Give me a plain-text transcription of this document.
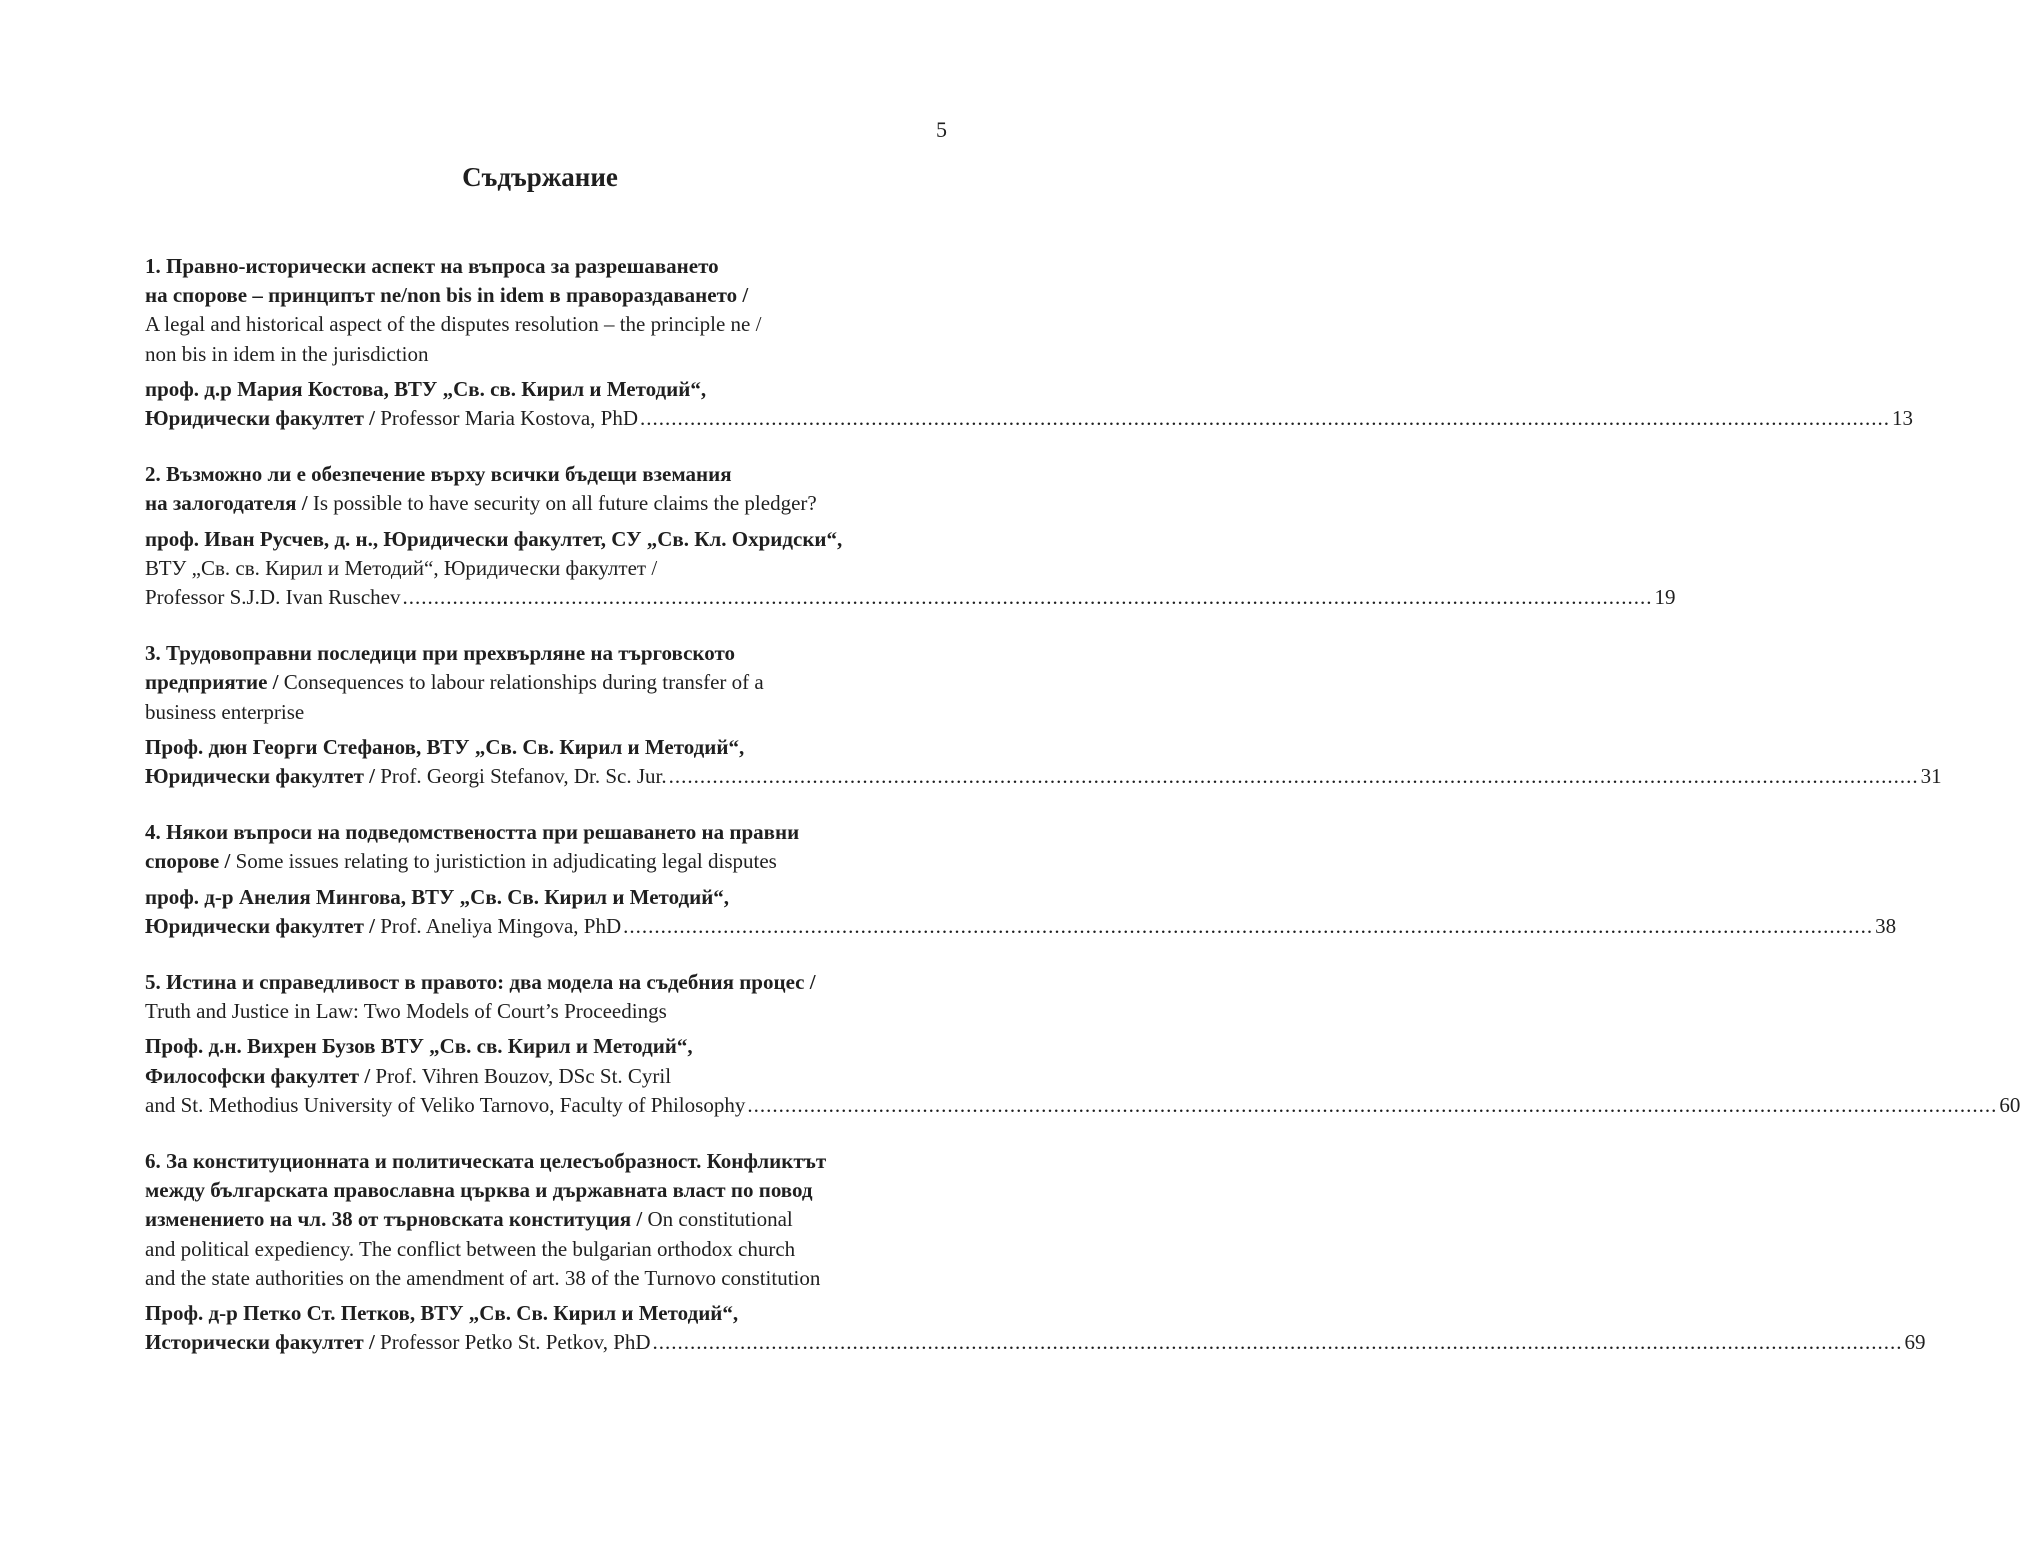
5
Съдържание
1. Правно-исторически аспект на въпроса за разрешаването
на спорове – принципът ne/non bis in idem в правораздаването /
A legal and historical aspect of the disputes resolution – the principle ne /
non bis in idem in the jurisdiction
проф. д.р Мария Костова, ВТУ „Св. св. Кирил и Методий“,
Юридически факултет / Professor Maria Kostova, PhD ........................................................................................................................................................................................................ 13
2. Възможно ли е обезпечение върху всички бъдещи вземания
на залогодателя / Is possible to have security on all future claims the pledger?
проф. Иван Русчев, д. н., Юридически факултет, СУ „Св. Кл. Охридски“,
ВТУ „Св. св. Кирил и Методий“, Юридически факултет /
Professor S.J.D. Ivan Ruschev ........................................................................................................................................................................................................ 19
3. Трудовоправни последици при прехвърляне на търговското
предприятие / Consequences to labour relationships during transfer of a
business enterprise
Проф. дюн Георги Стефанов, ВТУ „Св. Св. Кирил и Методий“,
Юридически факултет / Prof. Georgi Stefanov, Dr. Sc. Jur. ........................................................................................................................................................................................................ 31
4. Някои въпроси на подведомствеността при решаването на правни
спорове / Some issues relating to juristiction in adjudicating legal disputes
проф. д-р Анелия Мингова, ВТУ „Св. Св. Кирил и Методий“,
Юридически факултет / Prof. Aneliya Mingova, PhD ........................................................................................................................................................................................................ 38
5. Истина и справедливост в правото: два модела на съдебния процес /
Truth and Justice in Law: Two Models of Court’s Proceedings
Проф. д.н. Вихрен Бузов ВТУ „Св. св. Кирил и Методий“,
Философски факултет / Prof. Vihren Bouzov, DSc St. Cyril
and St. Methodius University of Veliko Tarnovo, Faculty of Philosophy ........................................................................................................................................................................................................ 60
6. За конституционната и политическата целесъобразност. Конфликтът
между българската православна църква и държавната власт по повод
изменението на чл. 38 от търновската конституция / On constitutional
and political expediency. The conflict between the bulgarian orthodox church
and the state authorities on the amendment of art. 38 of the Turnovo constitution
Проф. д-р Петко Ст. Петков, ВТУ „Св. Св. Кирил и Методий“,
Исторически факултет / Professor Petko St. Petkov, PhD ........................................................................................................................................................................................................ 69
